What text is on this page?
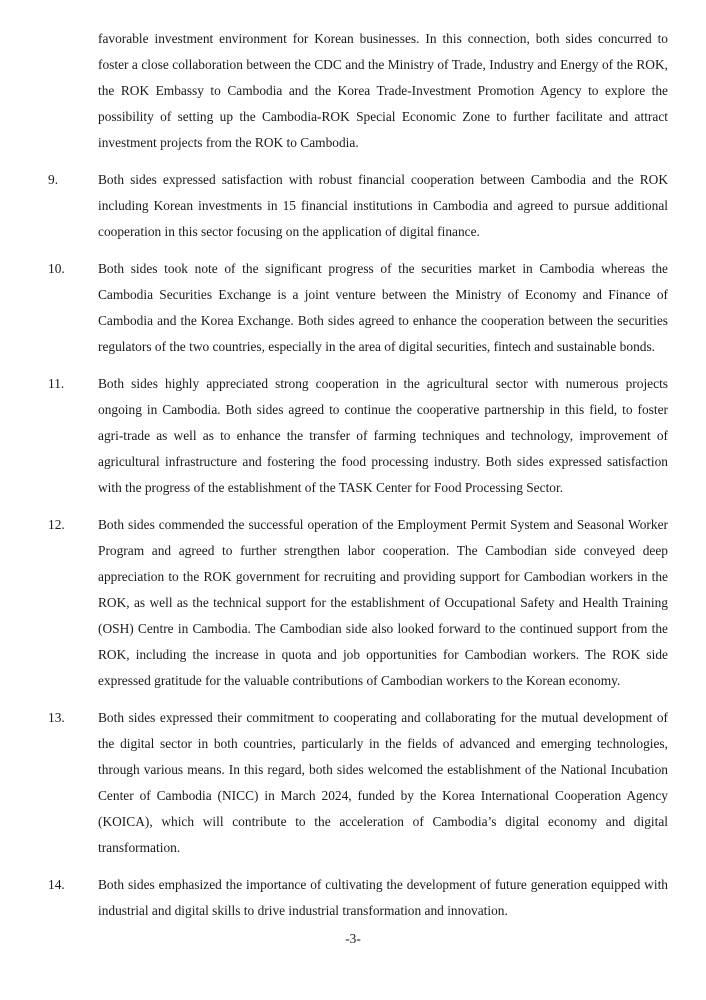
favorable investment environment for Korean businesses. In this connection, both sides concurred to foster a close collaboration between the CDC and the Ministry of Trade, Industry and Energy of the ROK, the ROK Embassy to Cambodia and the Korea Trade-Investment Promotion Agency to explore the possibility of setting up the Cambodia-ROK Special Economic Zone to further facilitate and attract investment projects from the ROK to Cambodia.
9.	Both sides expressed satisfaction with robust financial cooperation between Cambodia and the ROK including Korean investments in 15 financial institutions in Cambodia and agreed to pursue additional cooperation in this sector focusing on the application of digital finance.
10.	Both sides took note of the significant progress of the securities market in Cambodia whereas the Cambodia Securities Exchange is a joint venture between the Ministry of Economy and Finance of Cambodia and the Korea Exchange. Both sides agreed to enhance the cooperation between the securities regulators of the two countries, especially in the area of digital securities, fintech and sustainable bonds.
11.	Both sides highly appreciated strong cooperation in the agricultural sector with numerous projects ongoing in Cambodia. Both sides agreed to continue the cooperative partnership in this field, to foster agri-trade as well as to enhance the transfer of farming techniques and technology, improvement of agricultural infrastructure and fostering the food processing industry. Both sides expressed satisfaction with the progress of the establishment of the TASK Center for Food Processing Sector.
12.	Both sides commended the successful operation of the Employment Permit System and Seasonal Worker Program and agreed to further strengthen labor cooperation. The Cambodian side conveyed deep appreciation to the ROK government for recruiting and providing support for Cambodian workers in the ROK, as well as the technical support for the establishment of Occupational Safety and Health Training (OSH) Centre in Cambodia. The Cambodian side also looked forward to the continued support from the ROK, including the increase in quota and job opportunities for Cambodian workers. The ROK side expressed gratitude for the valuable contributions of Cambodian workers to the Korean economy.
13.	Both sides expressed their commitment to cooperating and collaborating for the mutual development of the digital sector in both countries, particularly in the fields of advanced and emerging technologies, through various means. In this regard, both sides welcomed the establishment of the National Incubation Center of Cambodia (NICC) in March 2024, funded by the Korea International Cooperation Agency (KOICA), which will contribute to the acceleration of Cambodia’s digital economy and digital transformation.
14.	Both sides emphasized the importance of cultivating the development of future generation equipped with industrial and digital skills to drive industrial transformation and innovation.
-3-
